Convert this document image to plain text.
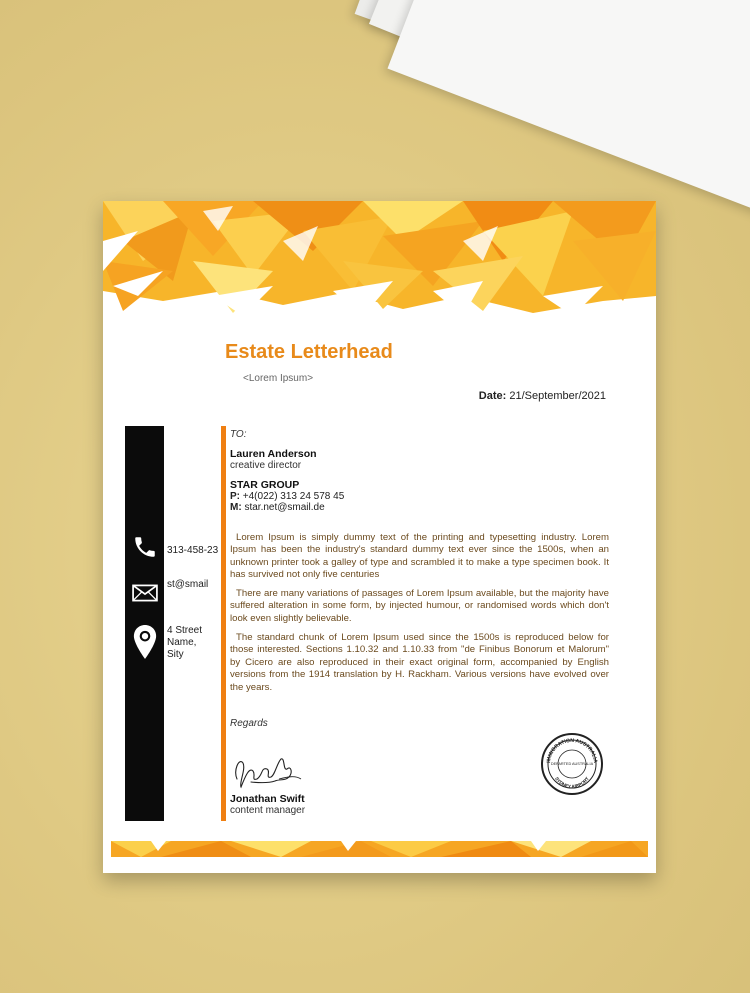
Estate Letterhead
<Lorem Ipsum>
Date: 21/September/2021
313-458-23
st@smail
4 Street
Name,
Sity
TO:
Lauren Anderson
creative director
STAR GROUP
P: +4(022) 313 24 578 45
M: star.net@smail.de

Lorem Ipsum is simply dummy text of the printing and typesetting industry. Lorem Ipsum has been the industry's standard dummy text ever since the 1500s, when an unknown printer took a galley of type and scrambled it to make a type specimen book. It has survived not only five centuries

There are many variations of passages of Lorem Ipsum available, but the majority have suffered alteration in some form, by injected humour, or randomised words which don't look even slightly believable.

The standard chunk of Lorem Ipsum used since the 1500s is reproduced below for those interested. Sections 1.10.32 and 1.10.33 from "de Finibus Bonorum et Malorum" by Cicero are also reproduced in their exact original form, accompanied by English versions from the 1914 translation by H. Rackham. Various versions have evolved over the years.

Regards
Jonathan Swift
content manager
IMMIGRATION AUSTRALIA
SYDNEY AIRPORT
DEPARTED AUSTRALIA
